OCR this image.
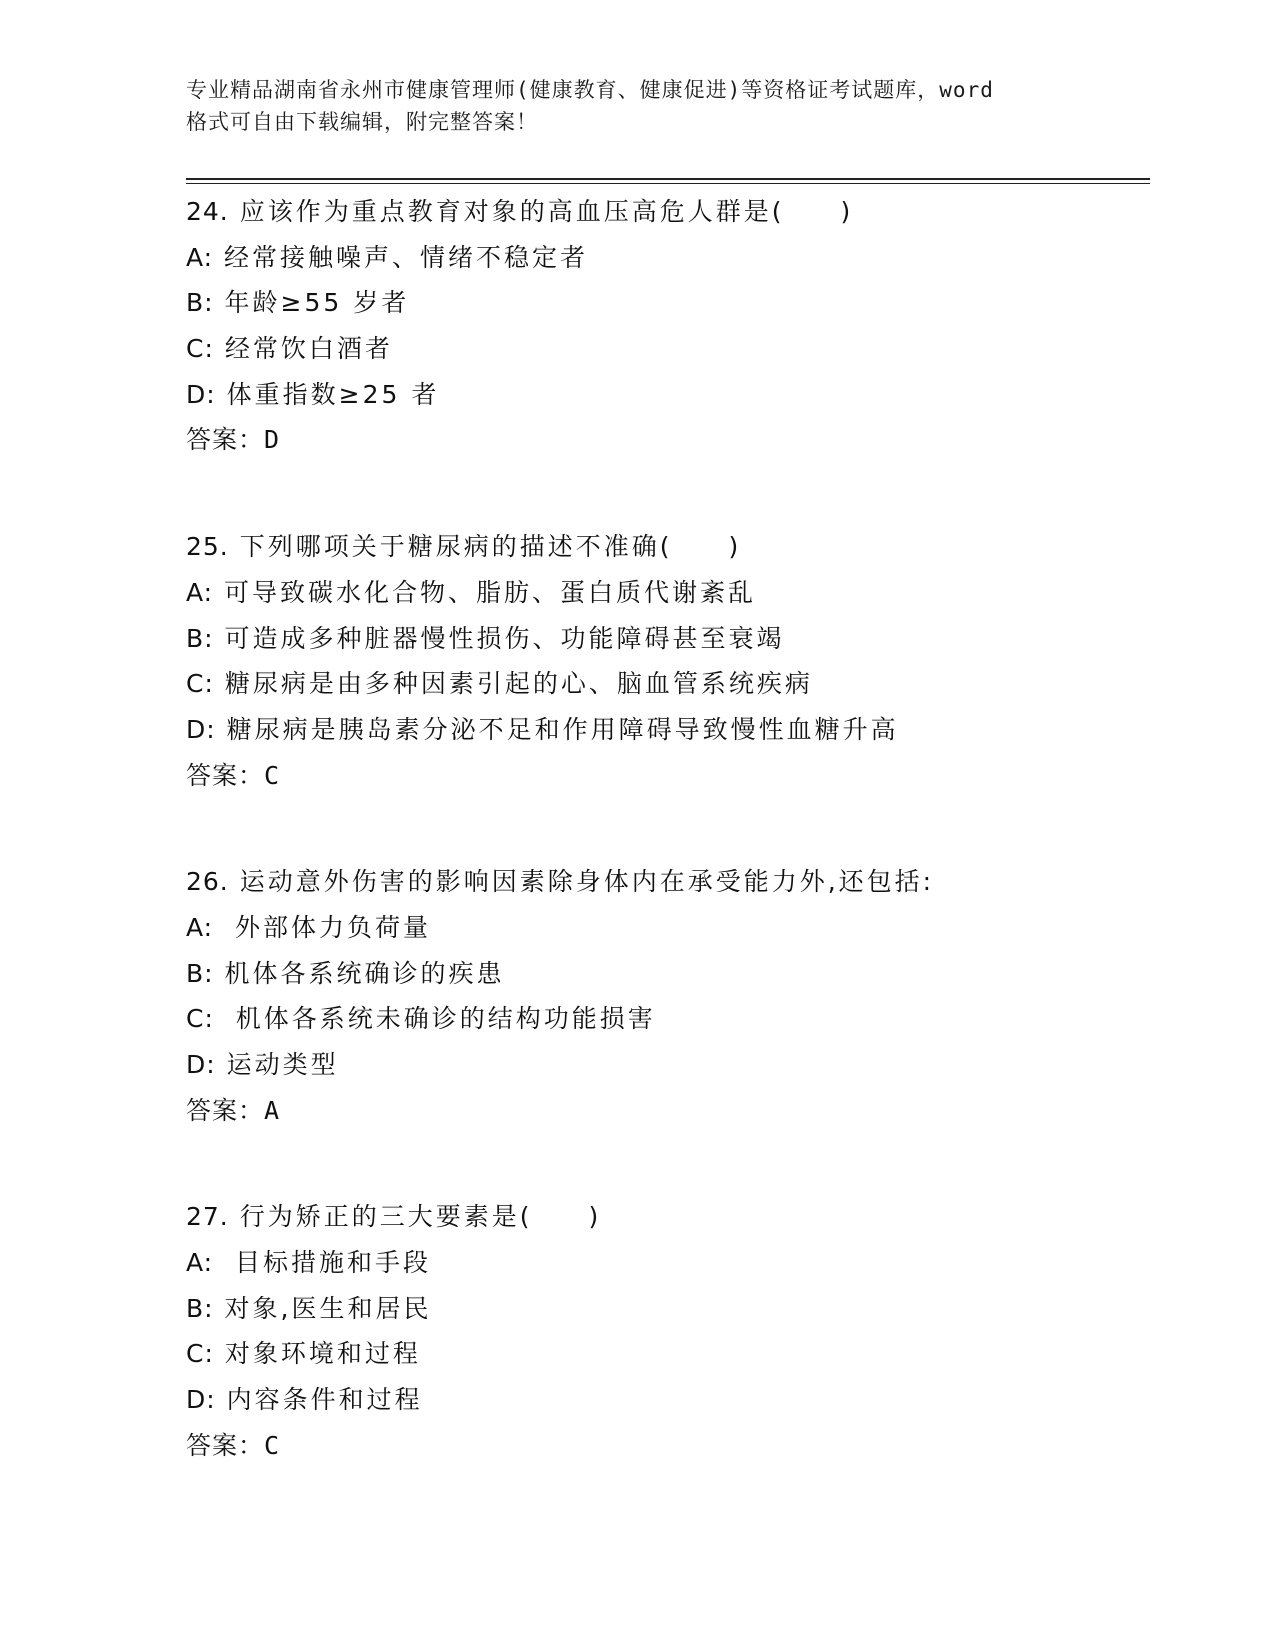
专业精品湖南省永州市健康管理师(健康教育、健康促进)等资格证考试题库，word
格式可自由下载编辑，附完整答案！
24. 应该作为重点教育对象的高血压高危人群是(　　)
A: 经常接触噪声、情绪不稳定者
B: 年龄≥55 岁者
C: 经常饮白酒者
D: 体重指数≥25 者
答案：D
25. 下列哪项关于糖尿病的描述不准确(　　)
A: 可导致碳水化合物、脂肪、蛋白质代谢紊乱
B: 可造成多种脏器慢性损伤、功能障碍甚至衰竭
C: 糖尿病是由多种因素引起的心、脑血管系统疾病
D: 糖尿病是胰岛素分泌不足和作用障碍导致慢性血糖升高
答案：C
26. 运动意外伤害的影响因素除身体内在承受能力外,还包括:
A:  外部体力负荷量
B: 机体各系统确诊的疾患
C:  机体各系统未确诊的结构功能损害
D: 运动类型
答案：A
27. 行为矫正的三大要素是(　　)
A:  目标措施和手段
B: 对象,医生和居民
C: 对象环境和过程
D: 内容条件和过程
答案：C
